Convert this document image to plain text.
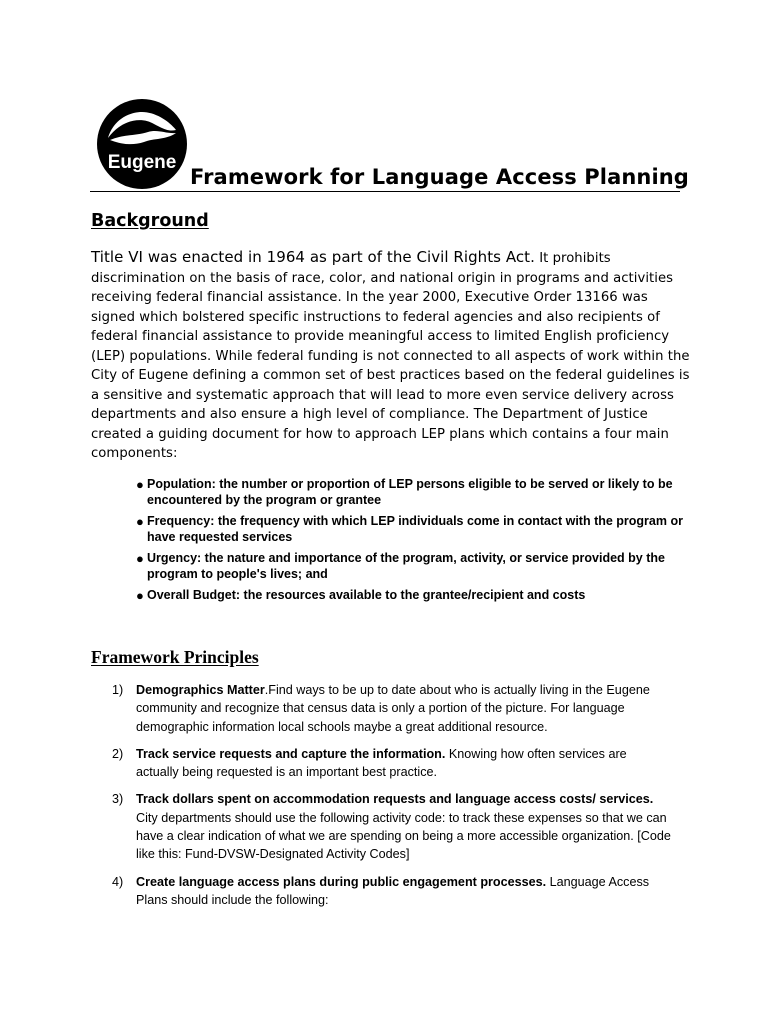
Eugene
Framework for Language Access Planning
Background

Title VI was enacted in 1964 as part of the Civil Rights Act. It prohibits discrimination on the basis of race, color, and national origin in programs and activities receiving federal financial assistance. In the year 2000, Executive Order 13166 was signed which bolstered specific instructions to federal agencies and also recipients of federal financial assistance to provide meaningful access to limited English proficiency (LEP) populations. While federal funding is not connected to all aspects of work within the City of Eugene defining a common set of best practices based on the federal guidelines is a sensitive and systematic approach that will lead to more even service delivery across departments and also ensure a high level of compliance. The Department of Justice created a guiding document for how to approach LEP plans which contains a four main components:

● Population: the number or proportion of LEP persons eligible to be served or likely to be encountered by the program or grantee
● Frequency: the frequency with which LEP individuals come in contact with the program or have requested services
● Urgency: the nature and importance of the program, activity, or service provided by the program to people's lives; and
● Overall Budget: the resources available to the grantee/recipient and costs
Framework Principles
1) Demographics Matter.Find ways to be up to date about who is actually living in the Eugene community and recognize that census data is only a portion of the picture. For language demographic information local schools maybe a great additional resource.
2) Track service requests and capture the information. Knowing how often services are actually being requested is an important best practice.
3) Track dollars spent on accommodation requests and language access costs/ services. City departments should use the following activity code: to track these expenses so that we can have a clear indication of what we are spending on being a more accessible organization. [Code like this: Fund-DVSW-Designated Activity Codes]
4) Create language access plans during public engagement processes. Language Access Plans should include the following:
